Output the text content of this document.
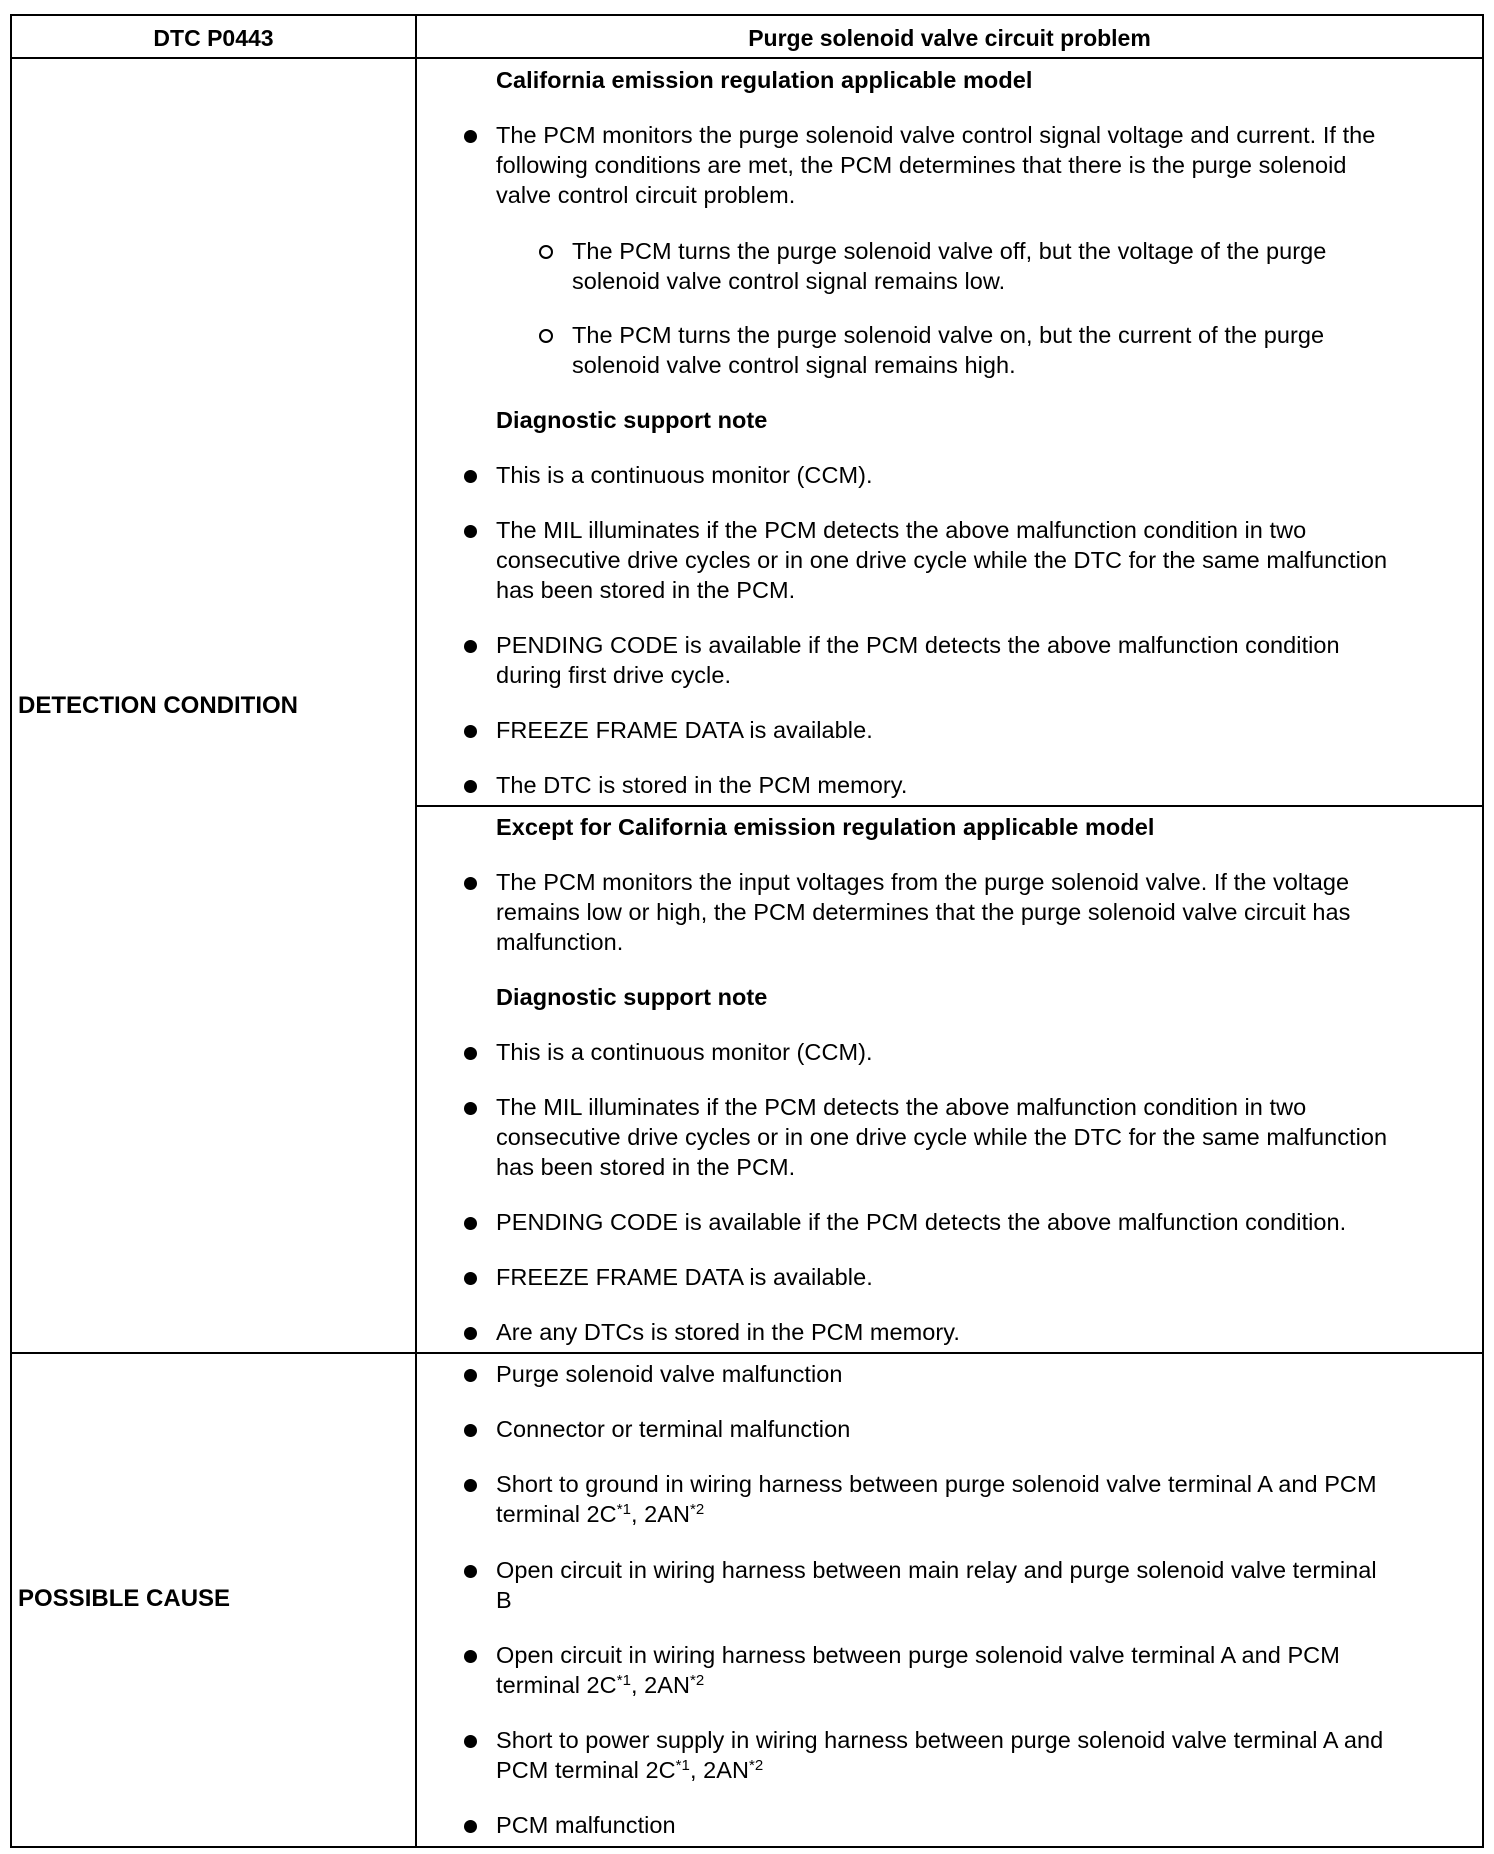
DTC P0443	Purge solenoid valve circuit problem
DETECTION CONDITION
POSSIBLE CAUSE
California emission regulation applicable model
The PCM monitors the purge solenoid valve control signal voltage and current. If the
following conditions are met, the PCM determines that there is the purge solenoid
valve control circuit problem.
The PCM turns the purge solenoid valve off, but the voltage of the purge
solenoid valve control signal remains low.
The PCM turns the purge solenoid valve on, but the current of the purge
solenoid valve control signal remains high.
Diagnostic support note
This is a continuous monitor (CCM).
The MIL illuminates if the PCM detects the above malfunction condition in two
consecutive drive cycles or in one drive cycle while the DTC for the same malfunction
has been stored in the PCM.
PENDING CODE is available if the PCM detects the above malfunction condition
during first drive cycle.
FREEZE FRAME DATA is available.
The DTC is stored in the PCM memory.
Except for California emission regulation applicable model
The PCM monitors the input voltages from the purge solenoid valve. If the voltage
remains low or high, the PCM determines that the purge solenoid valve circuit has
malfunction.
Diagnostic support note
This is a continuous monitor (CCM).
The MIL illuminates if the PCM detects the above malfunction condition in two
consecutive drive cycles or in one drive cycle while the DTC for the same malfunction
has been stored in the PCM.
PENDING CODE is available if the PCM detects the above malfunction condition.
FREEZE FRAME DATA is available.
Are any DTCs is stored in the PCM memory.
Purge solenoid valve malfunction
Connector or terminal malfunction
Short to ground in wiring harness between purge solenoid valve terminal A and PCM
terminal $2C^{*1}$, 2AN$^{*2}$
Open circuit in wiring harness between main relay and purge solenoid valve terminal
B
Open circuit in wiring harness between purge solenoid valve terminal A and PCM
terminal $2C^{*1}$, 2AN$^{*2}$
Short to power supply in wiring harness between purge solenoid valve terminal A and
PCM terminal $2C^{*1}$, 2AN$^{*2}$
PCM malfunction
